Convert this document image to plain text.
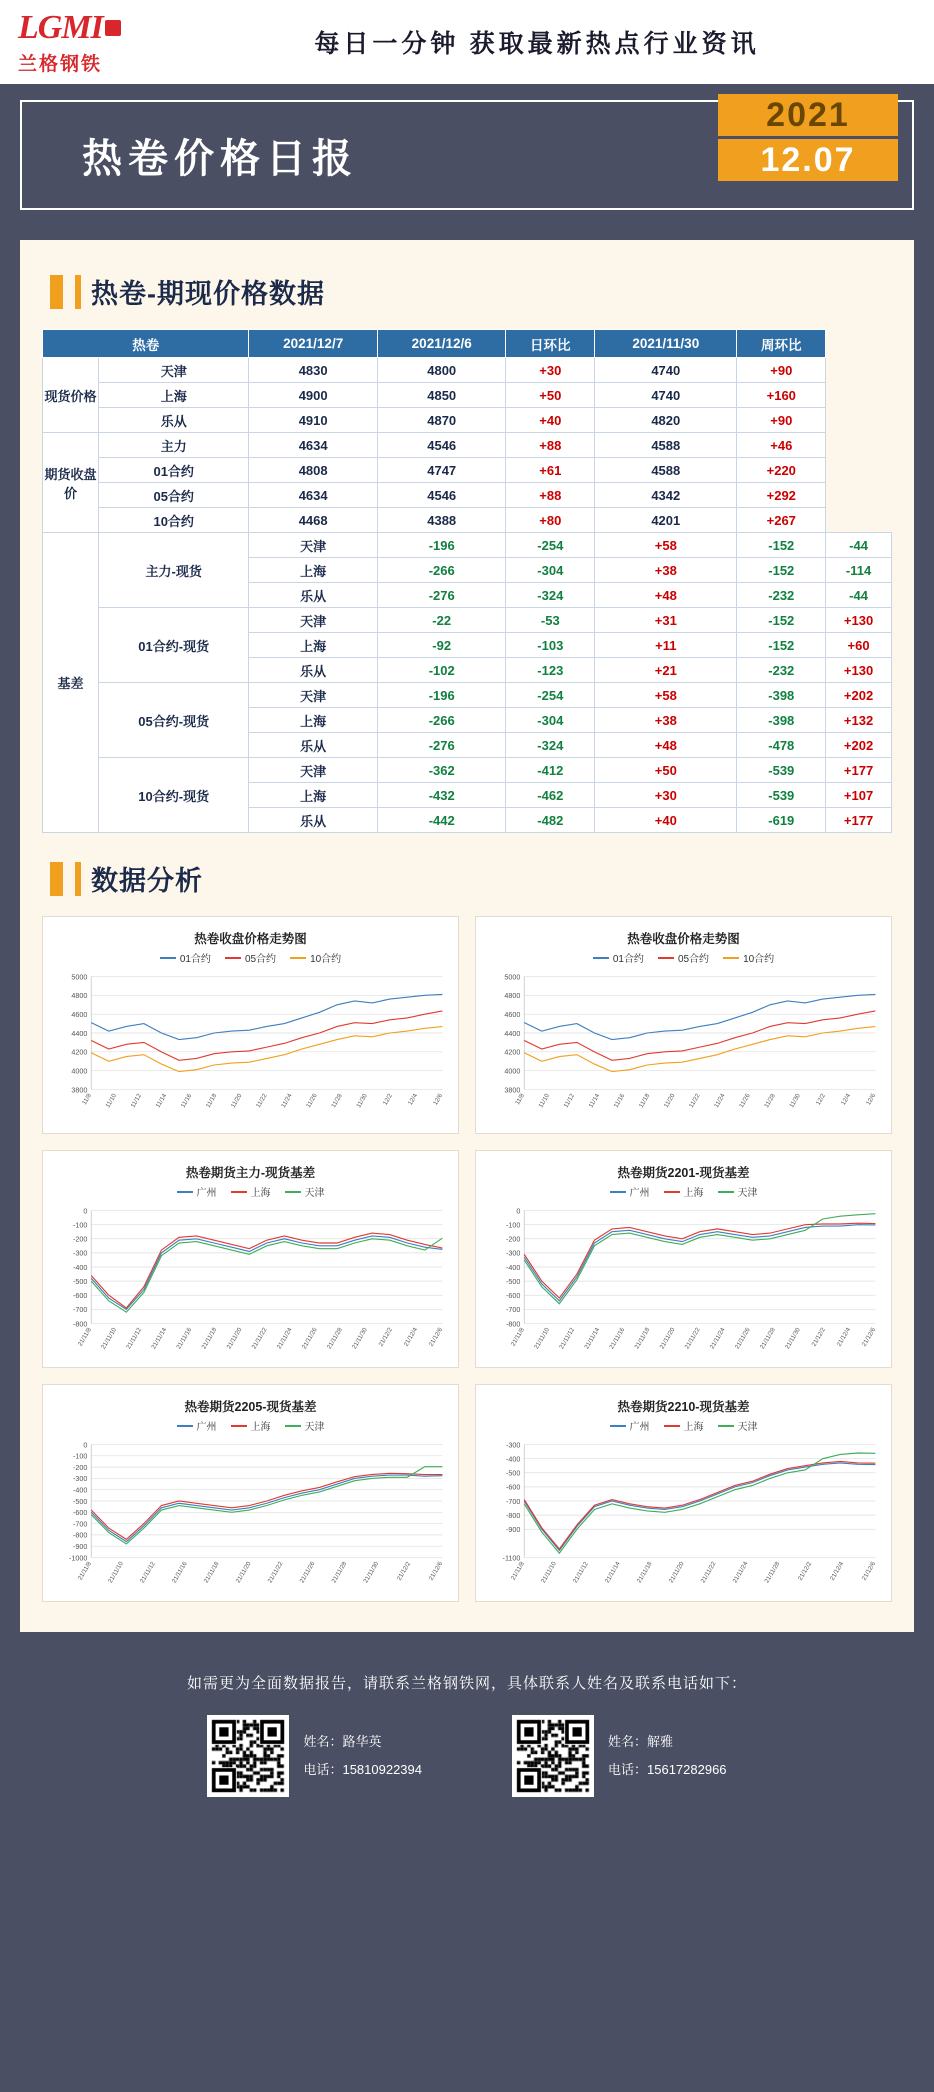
LGMI
兰格钢铁
每日一分钟 获取最新热点行业资讯
热卷价格日报
2021
12.07
热卷-期现价格数据
热卷		2021/12/7	2021/12/6	日环比	2021/11/30	周环比	
现货价格	天津	4830	4800	+30	4740	+90	
	上海	4900	4850	+50	4740	+160	
	乐从	4910	4870	+40	4820	+90	
期货收盘价	主力	4634	4546	+88	4588	+46	
	01合约	4808	4747	+61	4588	+220	
	05合约	4634	4546	+88	4342	+292	
	10合约	4468	4388	+80	4201	+267	
基差	主力-现货	天津	-196	-254	+58	-152	-44
		上海	-266	-304	+38	-152	-114
		乐从	-276	-324	+48	-232	-44
	01合约-现货	天津	-22	-53	+31	-152	+130
		上海	-92	-103	+11	-152	+60
		乐从	-102	-123	+21	-232	+130
	05合约-现货	天津	-196	-254	+58	-398	+202
		上海	-266	-304	+38	-398	+132
		乐从	-276	-324	+48	-478	+202
	10合约-现货	天津	-362	-412	+50	-539	+177
		上海	-432	-462	+30	-539	+107
		乐从	-442	-482	+40	-619	+177
数据分析
热卷收盘价格走势图
01合约	05合约	10合约
3800
4000
4200
4400
4600
4800
5000
11/8 11/10 11/12 11/14 11/16 11/18 11/20 11/22 11/24 11/26 11/28 11/30 12/2 12/4 12/6
热卷收盘价格走势图
01合约	05合约	10合约
3800
4000
4200
4400
4600
4800
5000
11/8 11/10 11/12 11/14 11/16 11/18 11/20 11/22 11/24 11/26 11/28 11/30 12/2 12/4 12/6
热卷期货主力-现货基差
广州	上海	天津
0
-100
-200
-300
-400
-500
-600
-700
-800
21/11/8 21/11/10 21/11/12 21/11/14 21/11/16 21/11/18 21/11/20 21/11/22 21/11/24 21/11/26 21/11/28 21/11/30 21/12/2 21/12/4 21/12/6
热卷期货2201-现货基差
广州	上海	天津
0
-100
-200
-300
-400
-500
-600
-700
-800
21/11/8 21/11/10 21/11/12 21/11/14 21/11/16 21/11/18 21/11/20 21/11/22 21/11/24 21/11/26 21/11/28 21/11/30 21/12/2 21/12/4 21/12/6
热卷期货2205-现货基差
广州	上海	天津
0
-100
-200
-300
-400
-500
-600
-700
-800
-900
-1000
21/11/8 21/11/10 21/11/12 21/11/16 21/11/18 21/11/20 21/11/22 21/11/26 21/11/28 21/11/30 21/12/2 21/12/6
热卷期货2210-现货基差
广州	上海	天津
-300
-400
-500
-600
-700
-800
-900
-1100
21/11/8 21/11/10 21/11/12 21/11/14 21/11/18 21/11/20 21/11/22 21/11/24 21/11/28 21/12/2 21/12/4 21/12/6
如需更为全面数据报告，请联系兰格钢铁网，具体联系人姓名及联系电话如下：
姓名：路华英
电话：15810922394
姓名：解雅
电话：15617282966
